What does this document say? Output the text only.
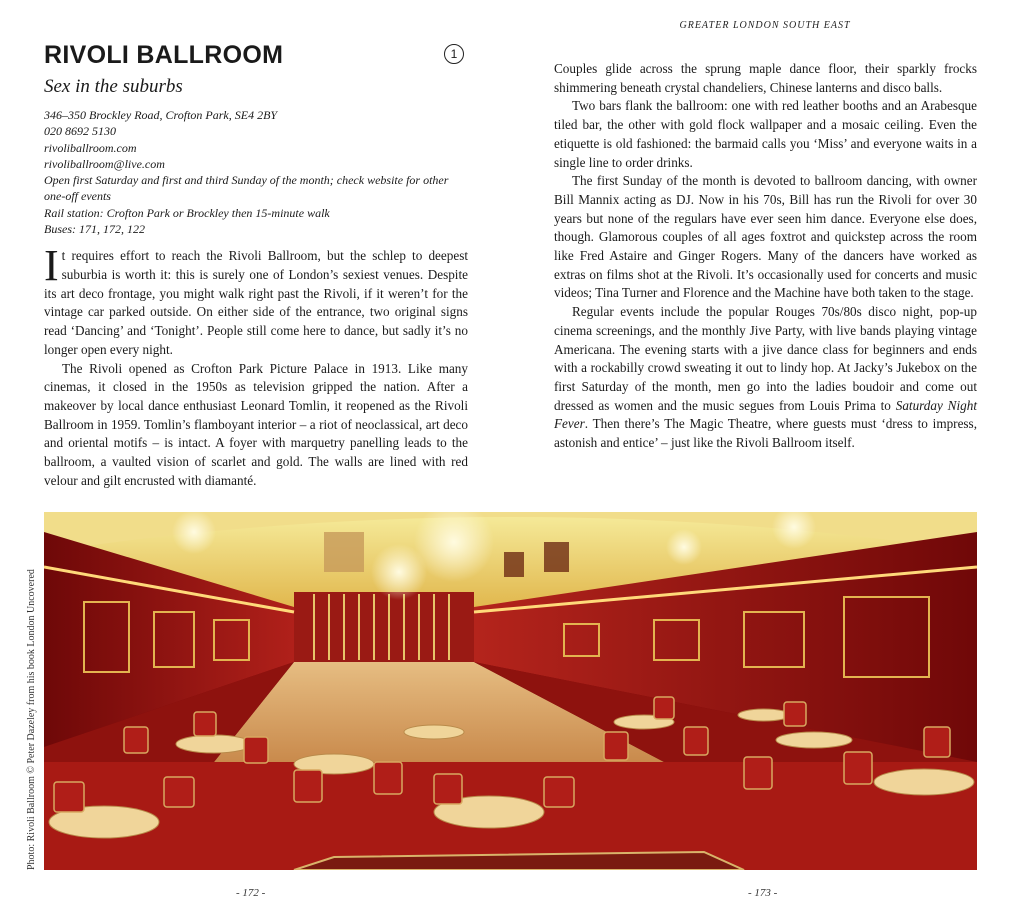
GREATER LONDON SOUTH EAST
RIVOLI BALLROOM	1
Sex in the suburbs
346–350 Brockley Road, Crofton Park, SE4 2BY
020 8692 5130
rivoliballroom.com
rivoliballroom@live.com
Open first Saturday and first and third Sunday of the month; check website for other one-off events
Rail station: Crofton Park or Brockley then 15-minute walk
Buses: 171, 172, 122

It requires effort to reach the Rivoli Ballroom, but the schlep to deepest suburbia is worth it: this is surely one of London’s sexiest venues. Despite its art deco frontage, you might walk right past the Rivoli, if it weren’t for the vintage car parked outside. On either side of the entrance, two original signs read ‘Dancing’ and ‘Tonight’. People still come here to dance, but sadly it’s no longer open every night.

The Rivoli opened as Crofton Park Picture Palace in 1913. Like many cinemas, it closed in the 1950s as television gripped the nation. After a makeover by local dance enthusiast Leonard Tomlin, it reopened as the Rivoli Ballroom in 1959. Tomlin’s flamboyant interior – a riot of neoclassical, art deco and oriental motifs – is intact. A foyer with marquetry panelling leads to the ballroom, a vaulted vision of scarlet and gold. The walls are lined with red velour and gilt encrusted with diamanté.

Couples glide across the sprung maple dance floor, their sparkly frocks shimmering beneath crystal chandeliers, Chinese lanterns and disco balls.

Two bars flank the ballroom: one with red leather booths and an Arabesque tiled bar, the other with gold flock wallpaper and a mosaic ceiling. Even the etiquette is old fashioned: the barmaid calls you ‘Miss’ and everyone waits in a single line to order drinks.

The first Sunday of the month is devoted to ballroom dancing, with owner Bill Mannix acting as DJ. Now in his 70s, Bill has run the Rivoli for over 30 years but none of the regulars have ever seen him dance. Everyone else does, though. Glamorous couples of all ages foxtrot and quickstep across the room like Fred Astaire and Ginger Rogers. Many of the dancers have worked as extras on films shot at the Rivoli. It’s occasionally used for concerts and music videos; Tina Turner and Florence and the Machine have both taken to the stage.

Regular events include the popular Rouges 70s/80s disco night, pop-up cinema screenings, and the monthly Jive Party, with live bands playing vintage Americana. The evening starts with a jive dance class for beginners and ends with a rockabilly crowd sweating it out to lindy hop. At Jacky’s Jukebox on the first Saturday of the month, men go into the ladies boudoir and come out dressed as women and the music segues from Louis Prima to Saturday Night Fever. Then there’s The Magic Theatre, where guests must ‘dress to impress, astonish and entice’ – just like the Rivoli Ballroom itself.

Photo: Rivoli Ballroom © Peter Dazeley from his book London Uncovered
- 172 -	- 173 -
